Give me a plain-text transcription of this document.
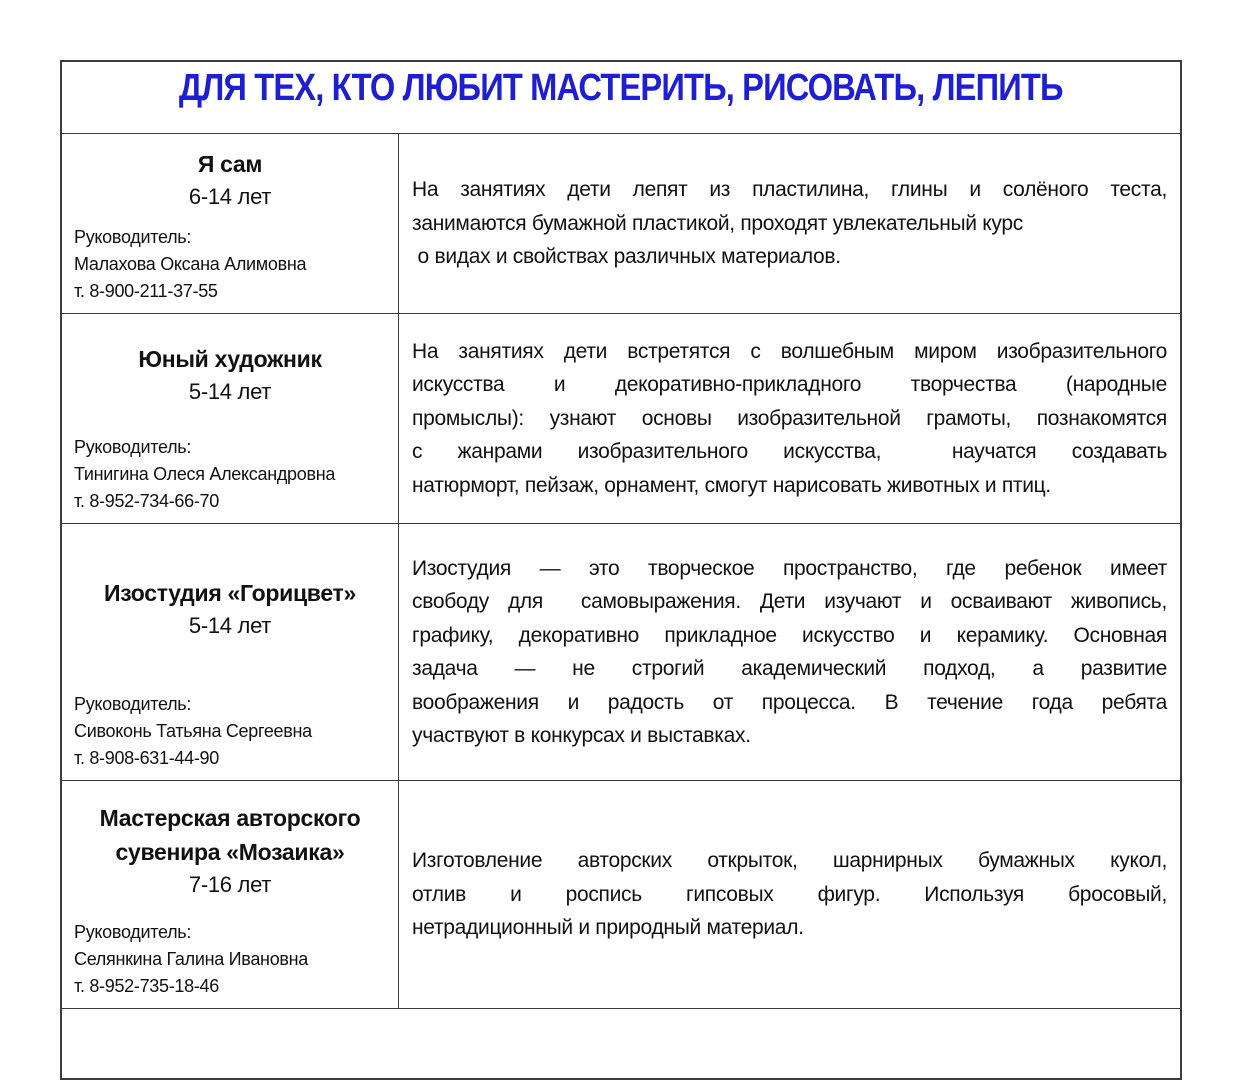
ДЛЯ ТЕХ, КТО ЛЮБИТ МАСТЕРИТЬ, РИСОВАТЬ, ЛЕПИТЬ
Я сам
6-14 лет
Руководитель:
Малахова Оксана Алимовна
т. 8-900-211-37-55
На занятиях дети лепят из пластилина, глины и солёного теста,
занимаются бумажной пластикой, проходят увлекательный курс
о видах и свойствах различных материалов.
Юный художник
5-14 лет
Руководитель:
Тинигина Олеся Александровна
т. 8-952-734-66-70
На занятиях дети встретятся с волшебным миром изобразительного
искусства и декоративно-прикладного творчества (народные
промыслы): узнают основы изобразительной грамоты, познакомятся
с жанрами изобразительного искусства,  научатся создавать
натюрморт, пейзаж, орнамент, смогут нарисовать животных и птиц.
Изостудия «Горицвет»
5-14 лет
Руководитель:
Сивоконь Татьяна Сергеевна
т. 8-908-631-44-90
Изостудия — это творческое пространство, где ребенок имеет
свободу для  самовыражения. Дети изучают и осваивают живопись,
графику, декоративно прикладное искусство и керамику. Основная
задача — не строгий академический подход, а развитие
воображения и радость от процесса. В течение года ребята
участвуют в конкурсах и выставках.
Мастерская авторского
сувенира «Мозаика»
7-16 лет
Руководитель:
Селянкина Галина Ивановна
т. 8-952-735-18-46
Изготовление авторских открыток, шарнирных бумажных кукол,
отлив и роспись гипсовых фигур. Используя бросовый,
нетрадиционный и природный материал.
